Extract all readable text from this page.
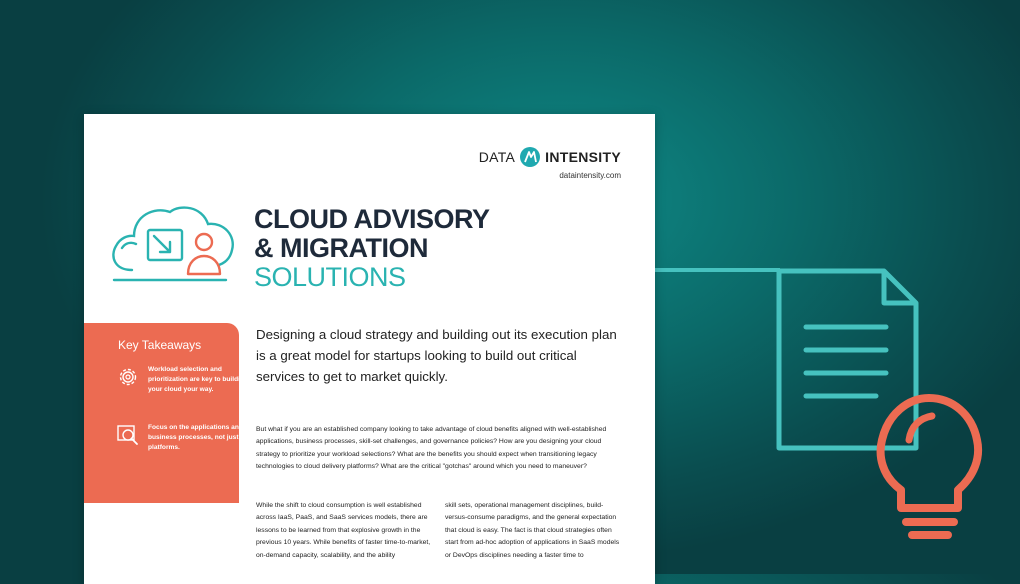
DATA INTENSITY
dataintensity.com
CLOUD ADVISORY
& MIGRATION
SOLUTIONS
Key Takeaways
Workload selection and prioritization are key to building your cloud your way.
Focus on the applications and business processes, not just the platforms.
Designing a cloud strategy and building out its execution plan is a great model for startups looking to build out critical services to get to market quickly.
But what if you are an established company looking to take advantage of cloud benefits aligned with well-established applications, business processes, skill-set challenges, and governance policies? How are you designing your cloud strategy to prioritize your workload selections? What are the benefits you should expect when transitioning legacy technologies to cloud delivery platforms? What are the critical "gotchas" around which you need to maneuver?
While the shift to cloud consumption is well established across IaaS, PaaS, and SaaS services models, there are lessons to be learned from that explosive growth in the previous 10 years. While benefits of faster time-to-market, on-demand capacity, scalability, and the ability
skill sets, operational management disciplines, build-versus-consume paradigms, and the general expectation that cloud is easy. The fact is that cloud strategies often start from ad-hoc adoption of applications in SaaS models or DevOps disciplines needing a faster time to
